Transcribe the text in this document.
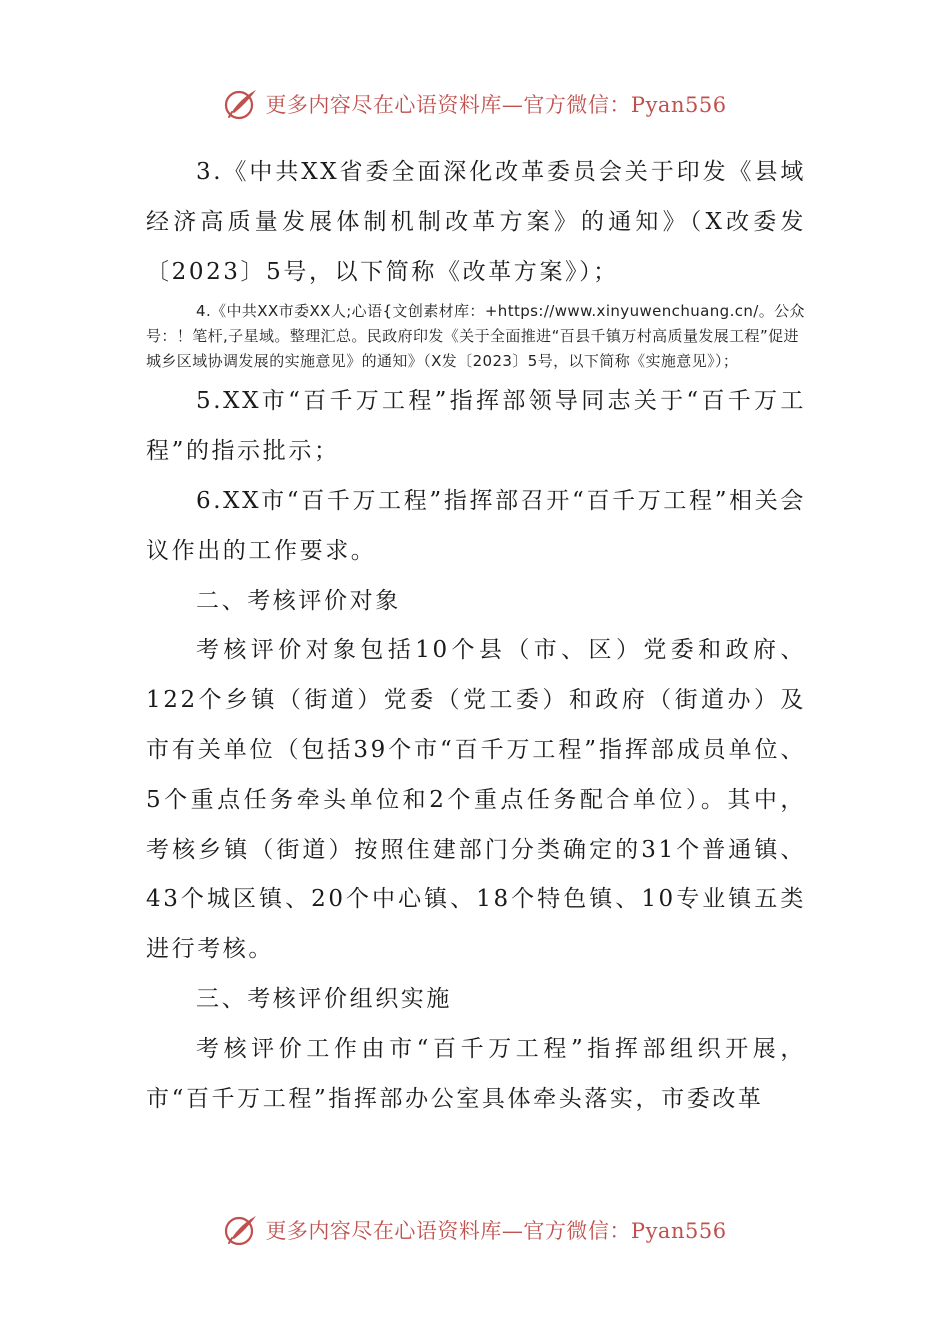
更多内容尽在心语资料库—官方微信：Pyan556

3.《中共XX省委全面深化改革委员会关于印发《县域经济高质量发展体制机制改革方案》的通知》（X改委发〔2023〕5号，以下简称《改革方案》）；

4.《中共XX市委XX人;心语{文创素材库：+https://www.xinyuwenchuang.cn/。公众号：！笔杆,子星域。整理汇总。民政府印发《关于全面推进“百县千镇万村高质量发展工程”促进城乡区域协调发展的实施意见》的通知》（X发〔2023〕5号，以下简称《实施意见》）；

5.XX市“百千万工程”指挥部领导同志关于“百千万工程”的指示批示；

6.XX市“百千万工程”指挥部召开“百千万工程”相关会议作出的工作要求。

二、考核评价对象

考核评价对象包括10个县（市、区）党委和政府、122个乡镇（街道）党委（党工委）和政府（街道办）及市有关单位（包括39个市“百千万工程”指挥部成员单位、5个重点任务牵头单位和2个重点任务配合单位）。其中，考核乡镇（街道）按照住建部门分类确定的31个普通镇、43个城区镇、20个中心镇、18个特色镇、10专业镇五类进行考核。

三、考核评价组织实施

考核评价工作由市“百千万工程”指挥部组织开展，市“百千万工程”指挥部办公室具体牵头落实，市委改革

更多内容尽在心语资料库—官方微信：Pyan556
